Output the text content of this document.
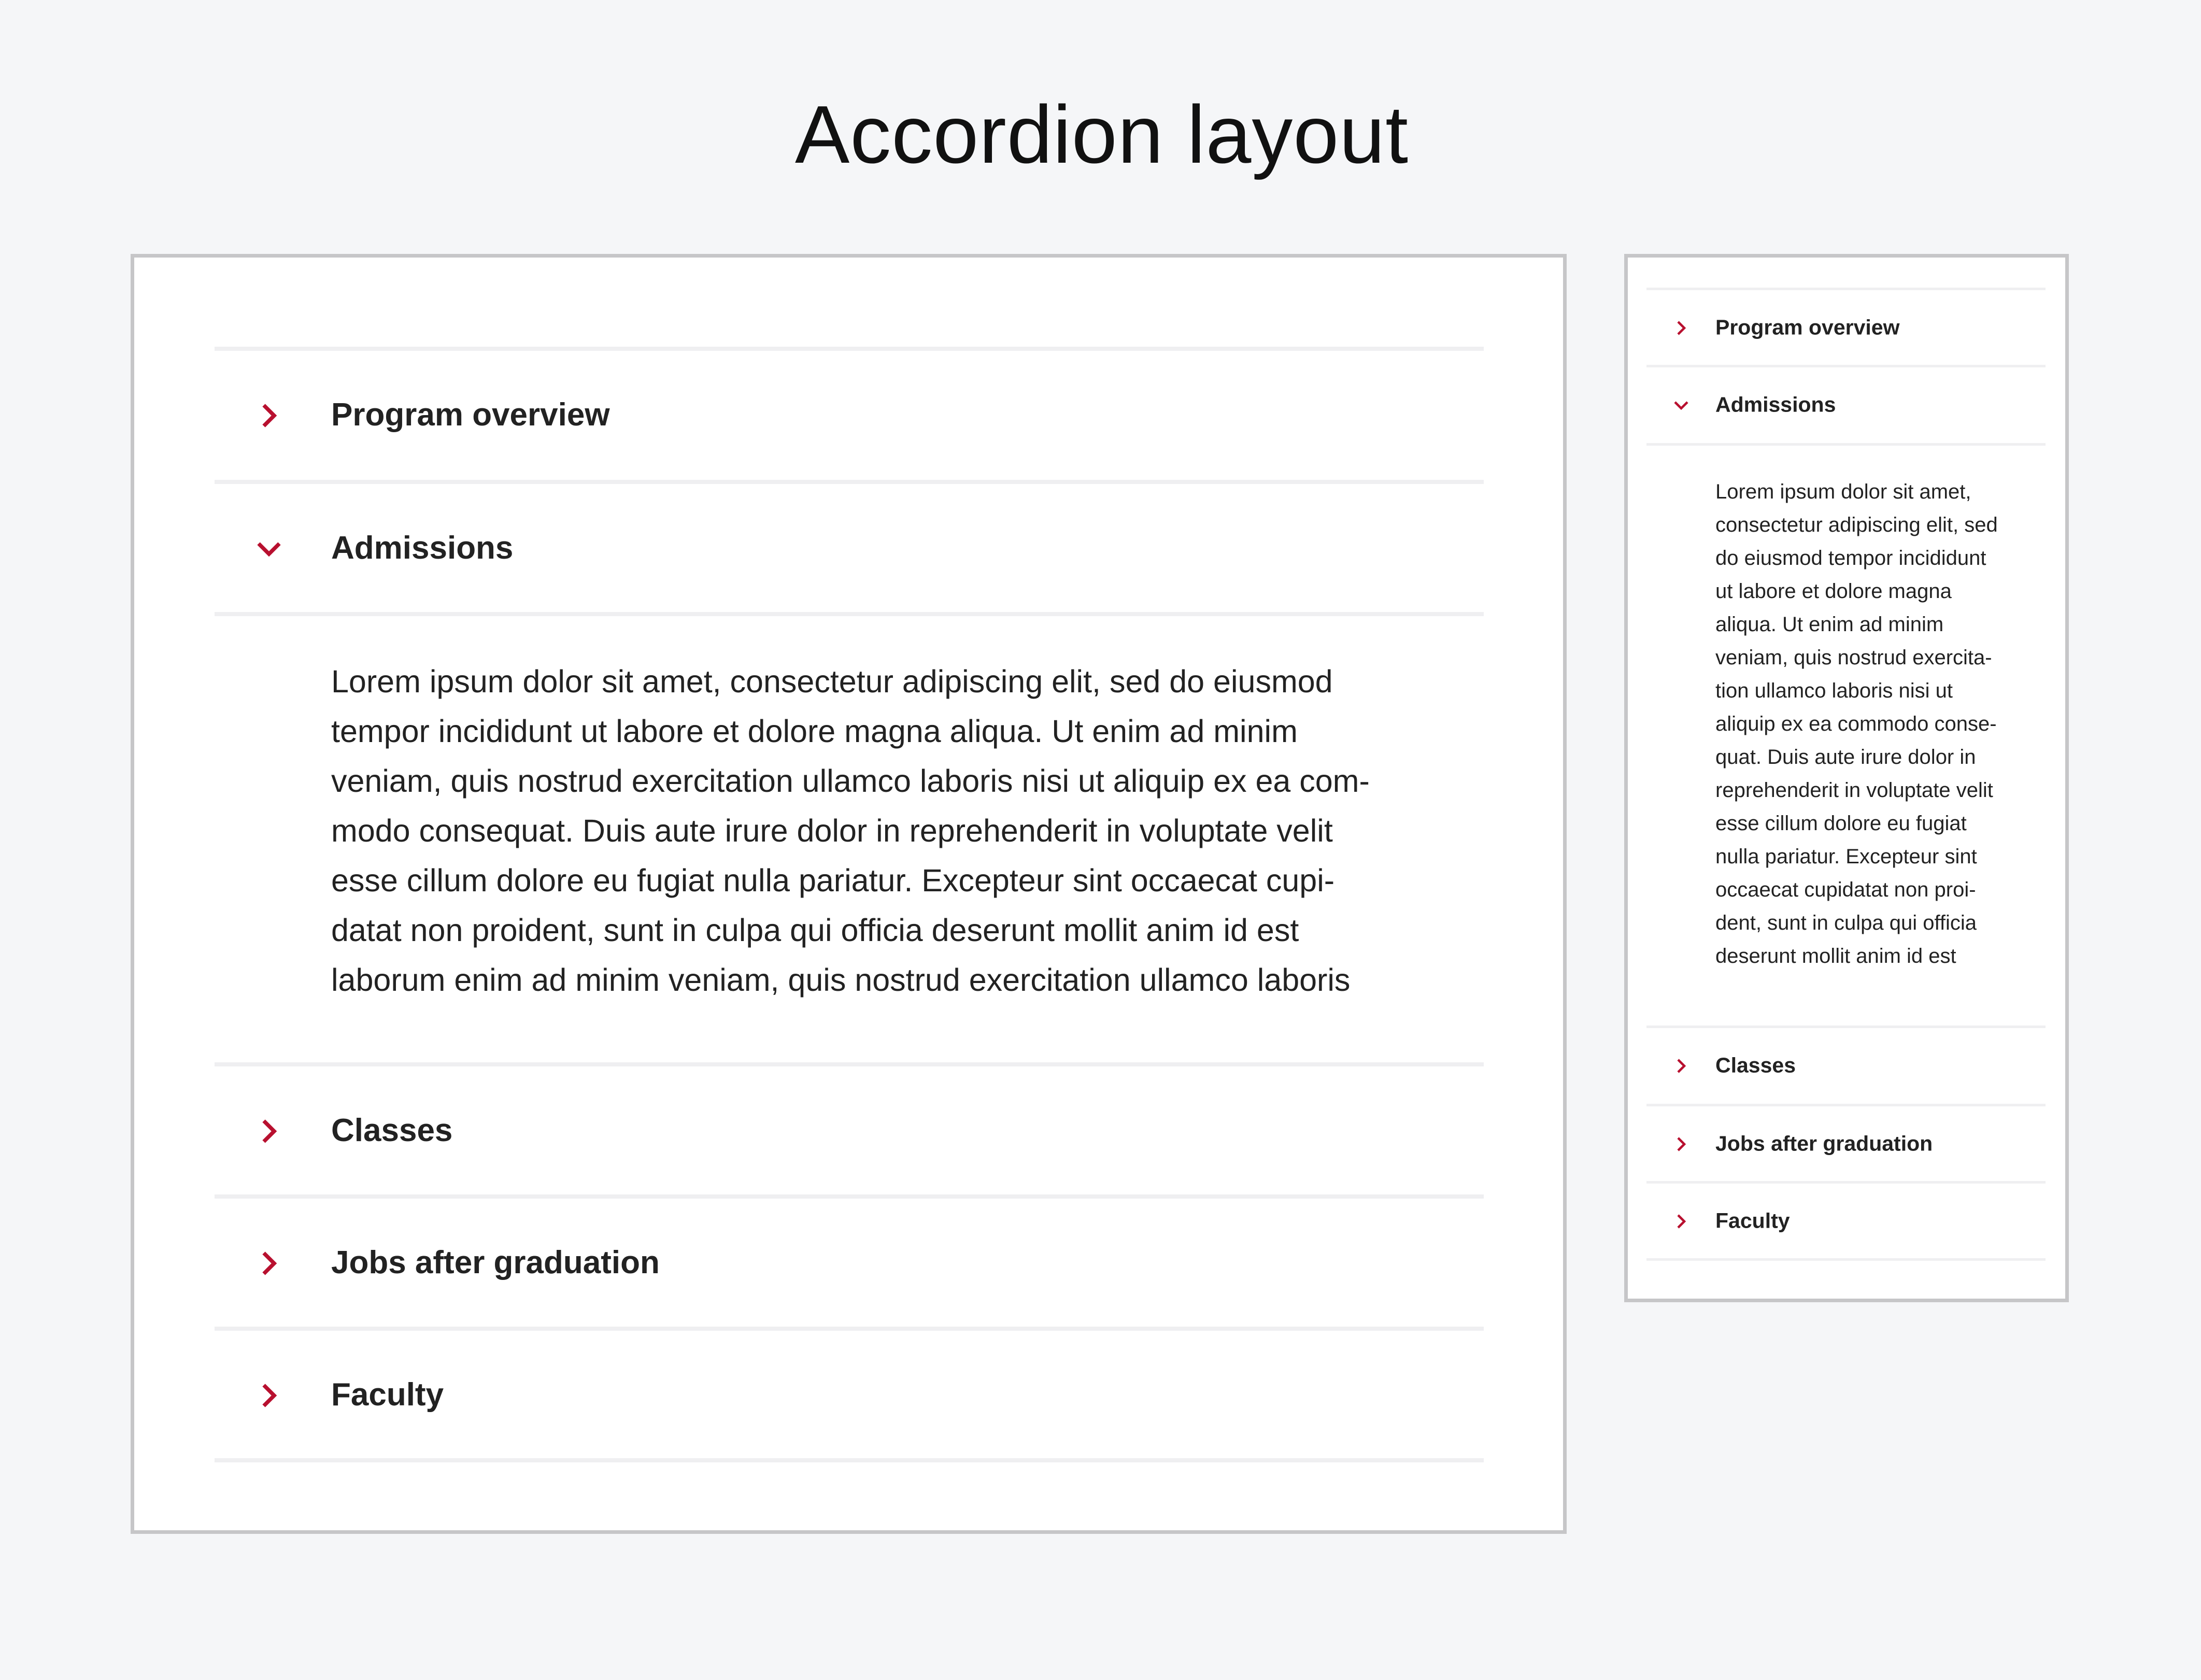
Accordion layout
Program overview
Admissions
Lorem ipsum dolor sit amet, consectetur adipiscing elit, sed do eiusmod
tempor incididunt ut labore et dolore magna aliqua. Ut enim ad minim
veniam, quis nostrud exercitation ullamco laboris nisi ut aliquip ex ea com-
modo consequat. Duis aute irure dolor in reprehenderit in voluptate velit
esse cillum dolore eu fugiat nulla pariatur. Excepteur sint occaecat cupi-
datat non proident, sunt in culpa qui officia deserunt mollit anim id est
laborum enim ad minim veniam, quis nostrud exercitation ullamco laboris
Classes
Jobs after graduation
Faculty
Program overview
Admissions
Lorem ipsum dolor sit amet,
consectetur adipiscing elit, sed
do eiusmod tempor incididunt
ut labore et dolore magna
aliqua. Ut enim ad minim
veniam, quis nostrud exercita-
tion ullamco laboris nisi ut
aliquip ex ea commodo conse-
quat. Duis aute irure dolor in
reprehenderit in voluptate velit
esse cillum dolore eu fugiat
nulla pariatur. Excepteur sint
occaecat cupidatat non proi-
dent, sunt in culpa qui officia
deserunt mollit anim id est
Classes
Jobs after graduation
Faculty
